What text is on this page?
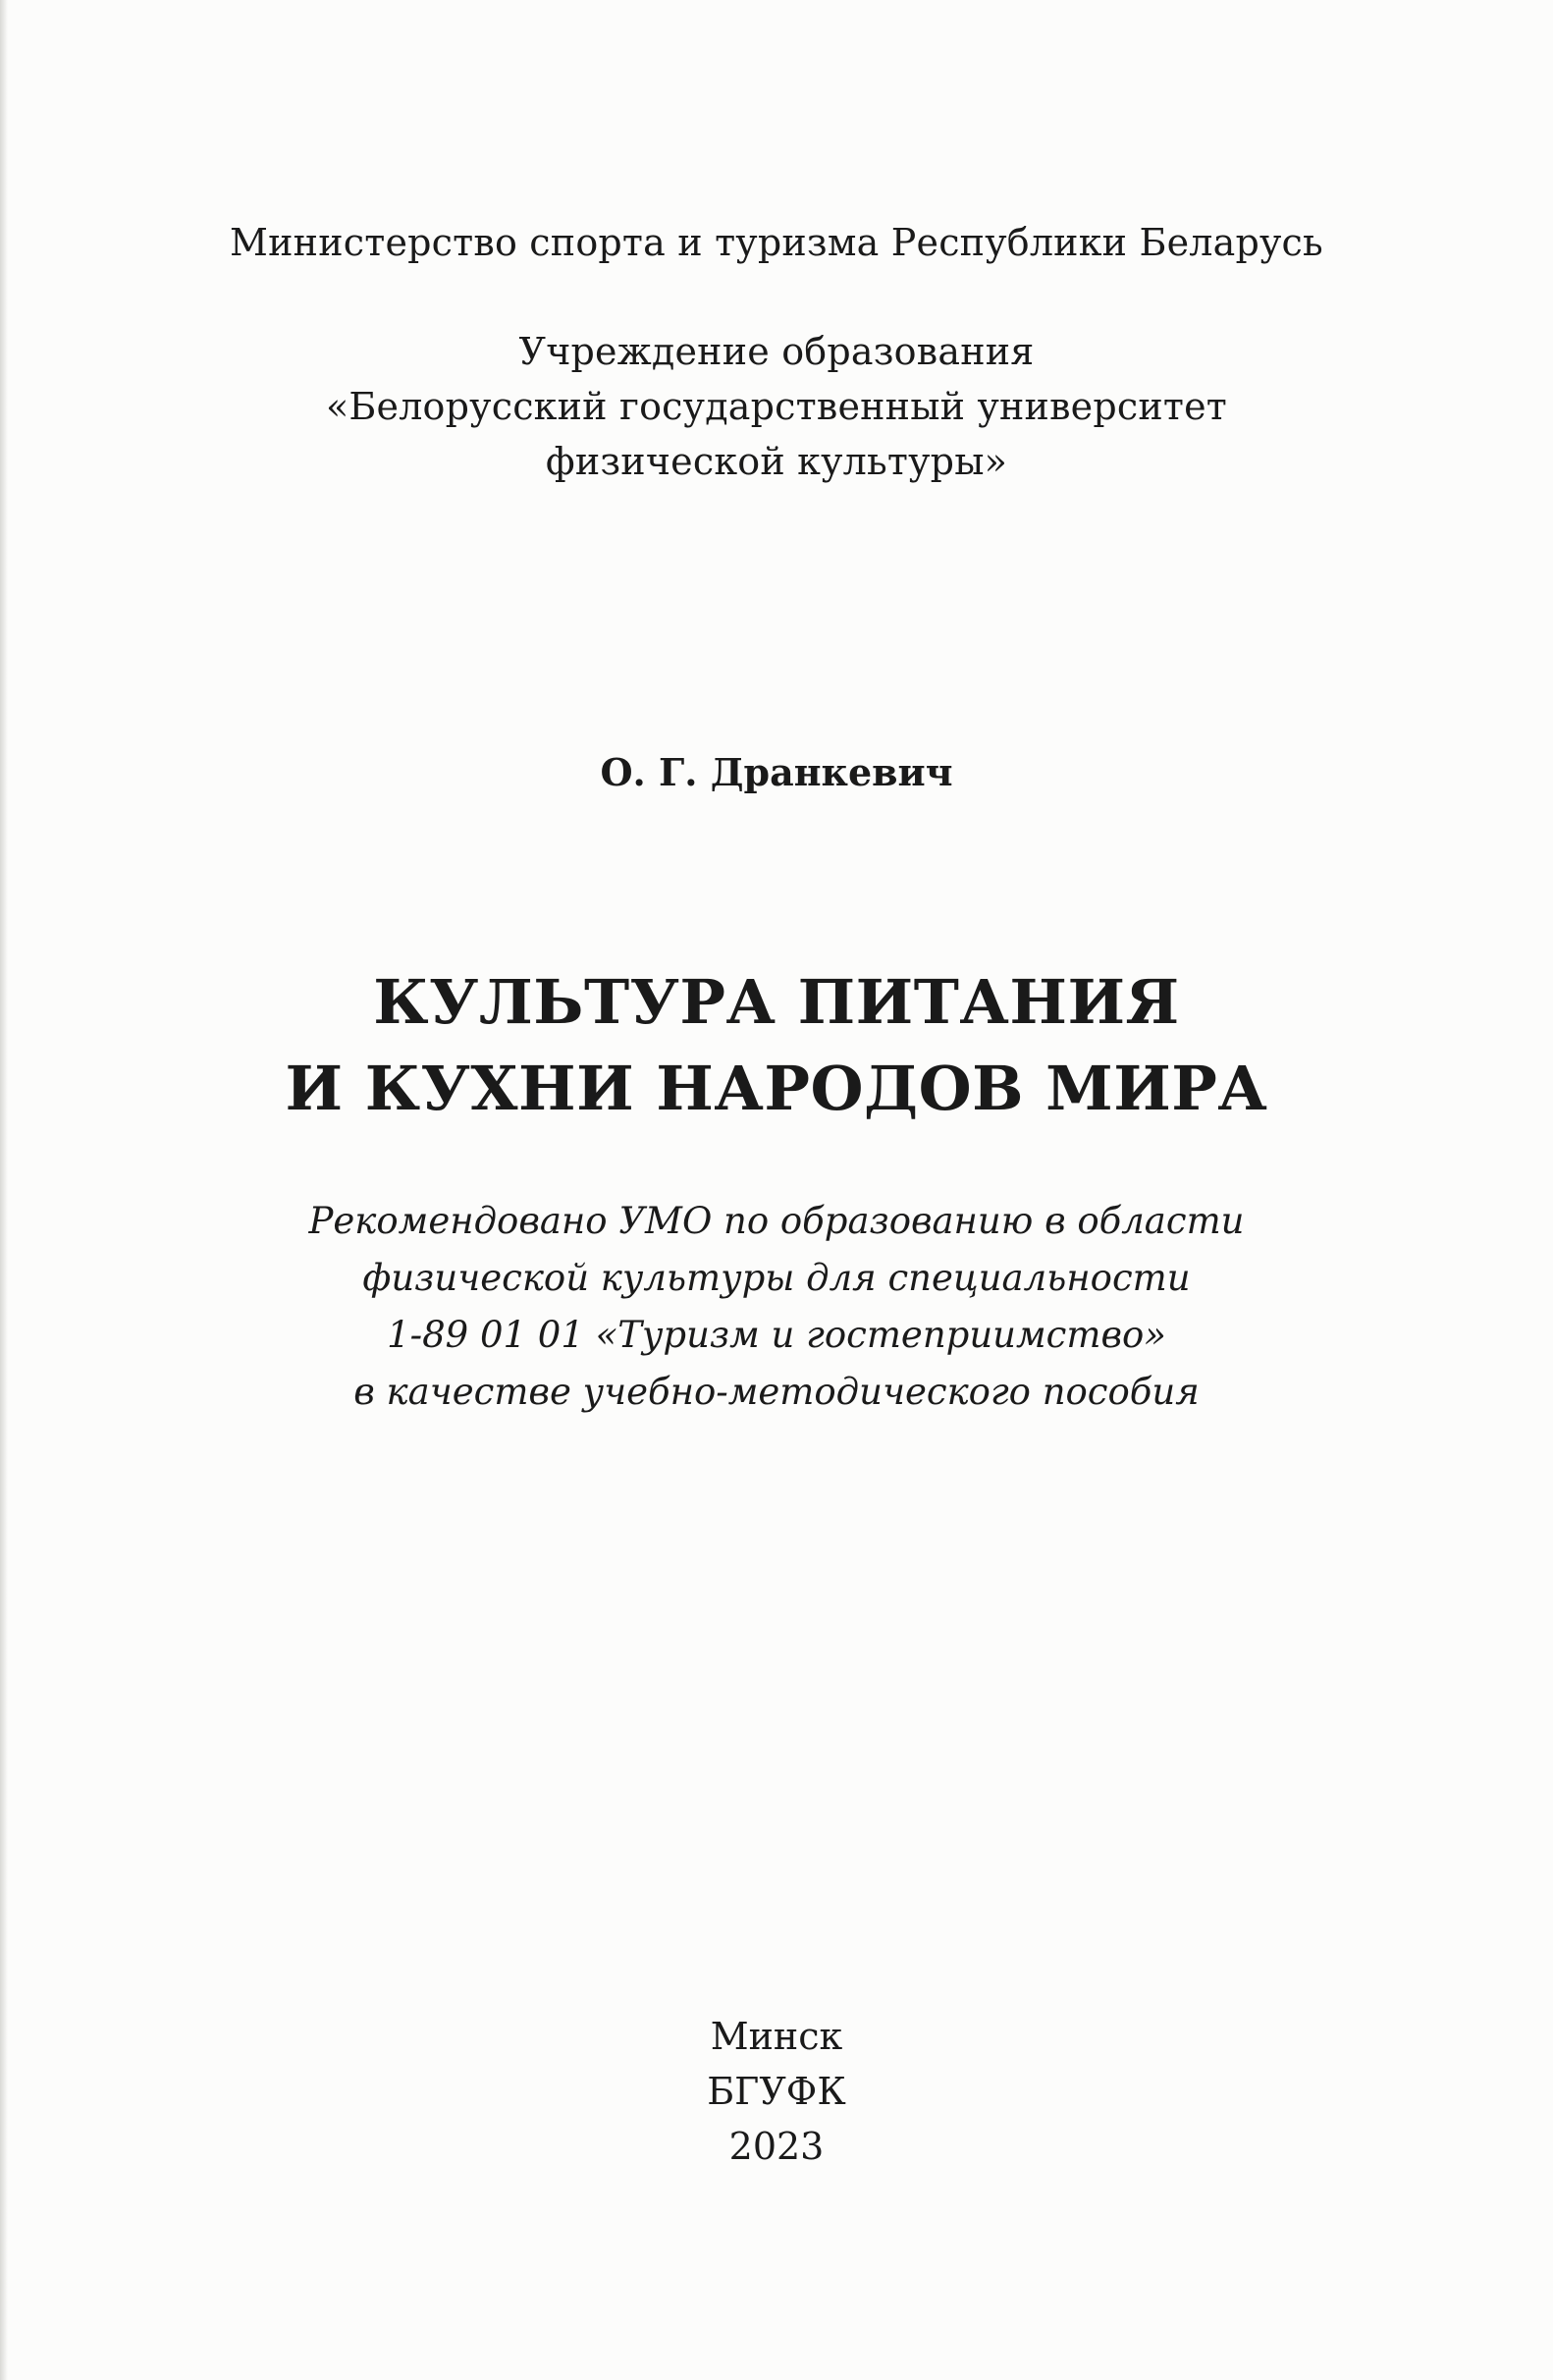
Министерство спорта и туризма Республики Беларусь
Учреждение образования
«Белорусский государственный университет
физической культуры»
О. Г. Дранкевич
КУЛЬТУРА ПИТАНИЯ
И КУХНИ НАРОДОВ МИРА
Рекомендовано УМО по образованию в области
физической культуры для специальности
1-89 01 01 «Туризм и гостеприимство»
в качестве учебно-методического пособия
Минск
БГУФК
2023
